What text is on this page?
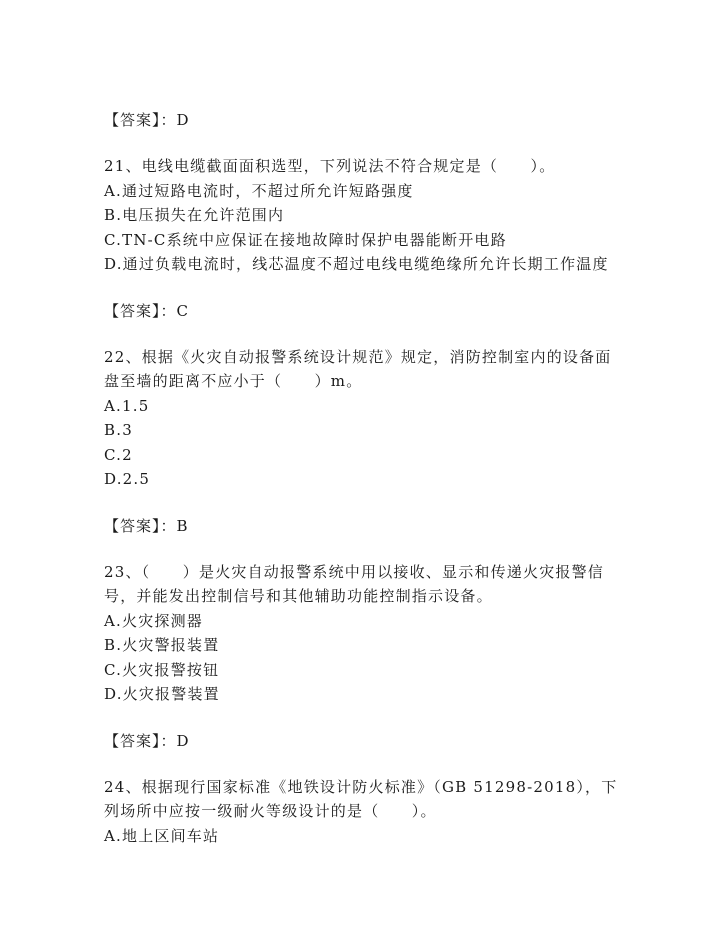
【答案】：D
21、电线电缆截面面积选型，下列说法不符合规定是（　　）。
A.通过短路电流时，不超过所允许短路强度
B.电压损失在允许范围内
C.TN-C系统中应保证在接地故障时保护电器能断开电路
D.通过负载电流时，线芯温度不超过电线电缆绝缘所允许长期工作温度
【答案】：C
22、根据《火灾自动报警系统设计规范》规定，消防控制室内的设备面盘至墙的距离不应小于（　　）m。
A.1.5
B.3
C.2
D.2.5
【答案】：B
23、（　　）是火灾自动报警系统中用以接收、显示和传递火灾报警信号，并能发出控制信号和其他辅助功能控制指示设备。
A.火灾探测器
B.火灾警报装置
C.火灾报警按钮
D.火灾报警装置
【答案】：D
24、根据现行国家标准《地铁设计防火标准》（GB 51298-2018），下列场所中应按一级耐火等级设计的是（　　）。
A.地上区间车站
